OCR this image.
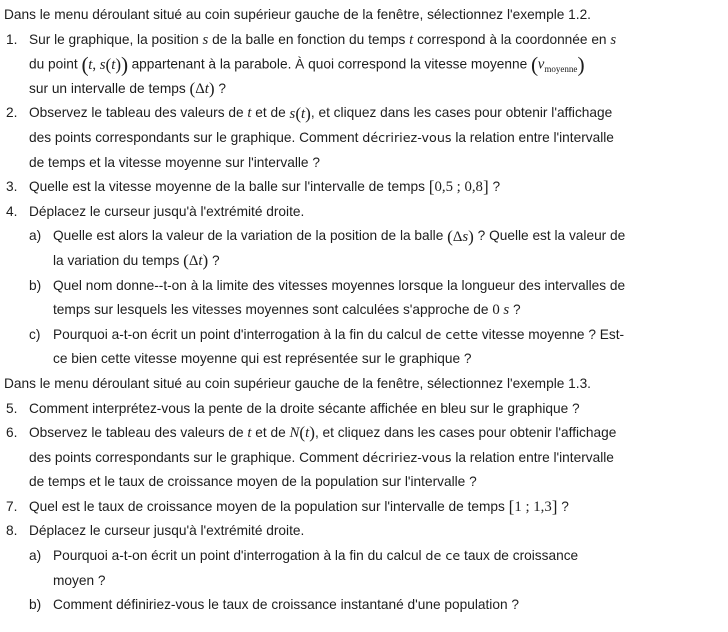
Dans le menu déroulant situé au coin supérieur gauche de la fenêtre, sélectionnez l'exemple 1.2.
1. Sur le graphique, la position s de la balle en fonction du temps t correspond à la coordonnée en s
du point (t, s(t)) appartenant à la parabole. À quoi correspond la vitesse moyenne $(v_{moyenne})$
sur un intervalle de temps (Δt) ?
2. Observez le tableau des valeurs de t et de s(t), et cliquez dans les cases pour obtenir l'affichage
des points correspondants sur le graphique. Comment décririez-vous la relation entre l'intervalle
de temps et la vitesse moyenne sur l'intervalle ?
3. Quelle est la vitesse moyenne de la balle sur l'intervalle de temps [0,5 ; 0,8] ?
4. Déplacez le curseur jusqu'à l'extrémité droite.
a) Quelle est alors la valeur de la variation de la position de la balle (Δs) ? Quelle est la valeur de
la variation du temps (Δt) ?
b) Quel nom donne--t-on à la limite des vitesses moyennes lorsque la longueur des intervalles de
temps sur lesquels les vitesses moyennes sont calculées s'approche de 0 s ?
c) Pourquoi a-t-on écrit un point d'interrogation à la fin du calcul de cette vitesse moyenne ? Est-
ce bien cette vitesse moyenne qui est représentée sur le graphique ?
Dans le menu déroulant situé au coin supérieur gauche de la fenêtre, sélectionnez l'exemple 1.3.
5. Comment interprétez-vous la pente de la droite sécante affichée en bleu sur le graphique ?
6. Observez le tableau des valeurs de t et de N(t), et cliquez dans les cases pour obtenir l'affichage
des points correspondants sur le graphique. Comment décririez-vous la relation entre l'intervalle
de temps et le taux de croissance moyen de la population sur l'intervalle ?
7. Quel est le taux de croissance moyen de la population sur l'intervalle de temps [1 ; 1,3] ?
8. Déplacez le curseur jusqu'à l'extrémité droite.
a) Pourquoi a-t-on écrit un point d'interrogation à la fin du calcul de ce taux de croissance
moyen ?
b) Comment définiriez-vous le taux de croissance instantané d'une population ?
